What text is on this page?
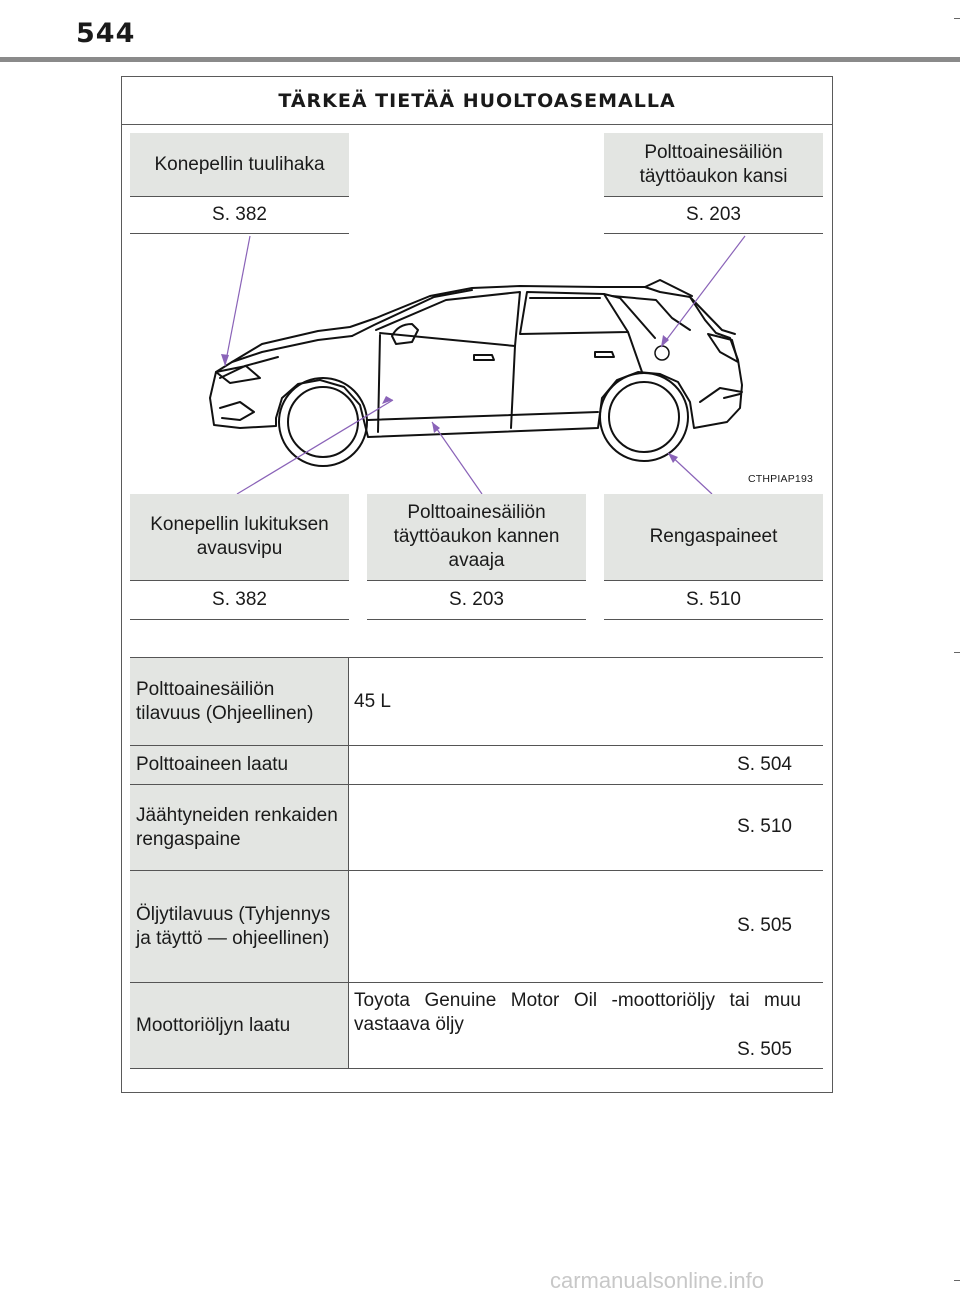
544
TÄRKEÄ TIETÄÄ HUOLTOASEMALLA
CTHPIAP193
Konepellin tuulihaka
S. 382
Polttoainesäiliön täyttöaukon kansi
S. 203
Konepellin lukituksen avausvipu
S. 382
Polttoainesäiliön täyttöaukon kannen avaaja
S. 203
Rengaspaineet
S. 510
Polttoainesäiliön tilavuus (Ohjeellinen)
45 L
Polttoaineen laatu	S. 504
Jäähtyneiden renkaiden rengaspaine
S. 510
Öljytilavuus (Tyhjennys ja täyttö — ohjeellinen)
S. 505
Moottoriöljyn laatu
Toyota Genuine Motor Oil -moottoriöljy tai muu
vastaava öljy
S. 505
carmanualsonline.info
